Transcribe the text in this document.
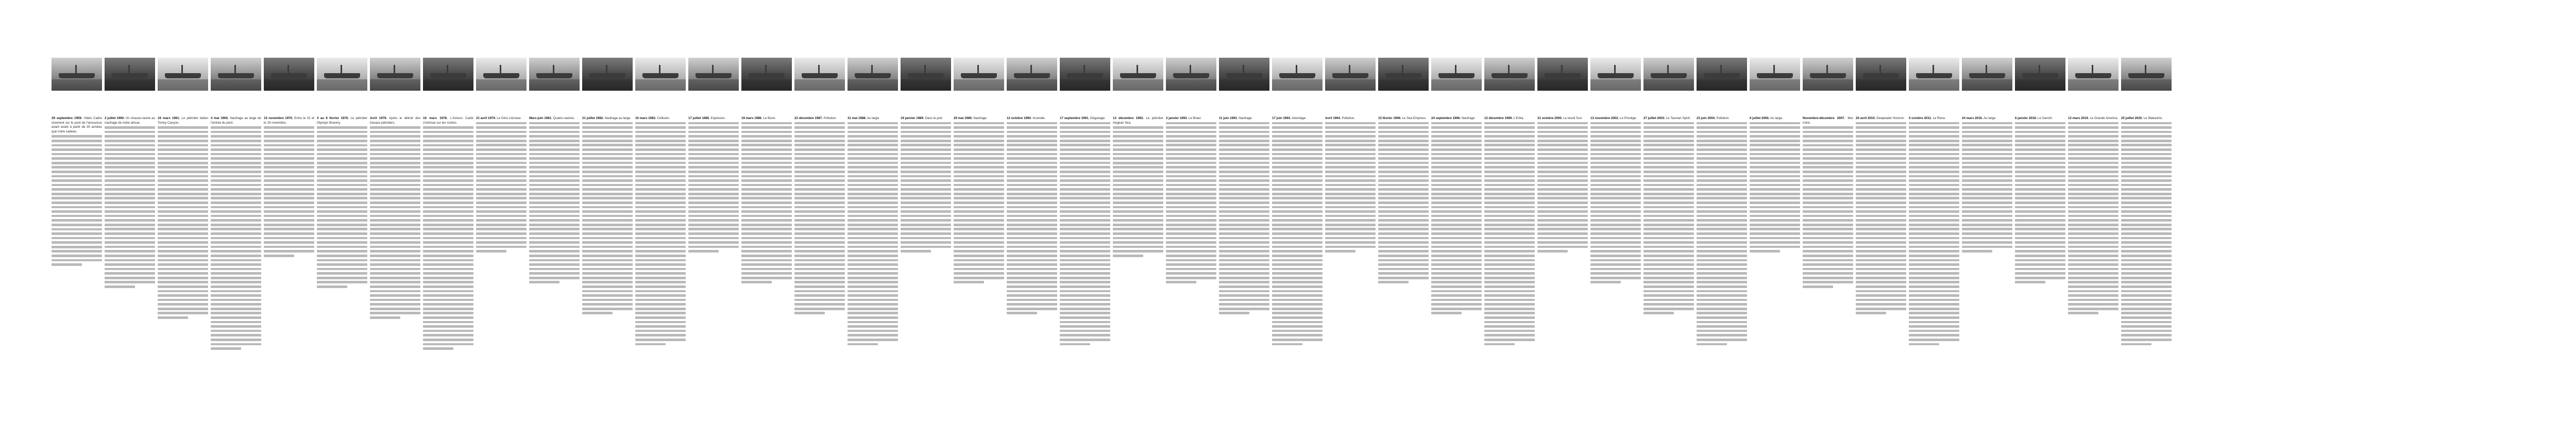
29 septembre 1959. Vidéo Cadre vivement sur le pont de l'amoureux avant avant à partir de 30 années que notre cadeau.

2 juillet 1960. Un chasse-navire au naufrage de notre amour.

16 mars 1961. Le pétrolier italien Torrey Canyon.

4 mai 1965. Naufrage au large de l'entrée du pont.

15 novembre 1970. Entre le 15 et le 19 novembre.

4 au 8 février 1976. Le pétrolier Olympic Bravery.

Avril 1976. Après le détroit des travaux pétroliers.

16 mars 1978. L'Amoco Cadiz s'échoue sur les roches.

21 avril 1979. Le Gino s'écrase.	Mars-juin 1981. Quatre navires.	21 juillet 1982. Naufrage au large.	16 mars 1983. Collision.	17 juillet 1985. Explosion.	19 mars 1986. Le Bono.	22 décembre 1987. Pollution.	31 mai 1988. Au large.	19 janvier 1989. Dans le port.	29 mai 1989. Naufrage.	12 octobre 1990. Incendie.	17 septembre 1991. Dégazage.	13 décembre 1992. Le pétrolier Aegean Sea.

3 janvier 1993. Le Braer.	11 juin 1993. Naufrage.	17 juin 1993. Abordage.	Avril 1994. Pollution.	15 février 1996. Le Sea Empress.	24 septembre 1996. Naufrage.	12 décembre 1999. L'Erika.	31 octobre 2000. Le Ievoli Sun.	13 novembre 2002. Le Prestige.	27 juillet 2003. Le Tasman Spirit.	23 juin 2004. Pollution.	6 juillet 2006. Au large.	Novembre-décembre 2007. Mer noire.

20 avril 2010. Deepwater Horizon.	5 octobre 2011. Le Rena.	24 mars 2016. Au large.	6 janvier 2018. Le Sanchi.	12 mars 2019. Le Grande America. 25 juillet 2020. Le Wakashio.
